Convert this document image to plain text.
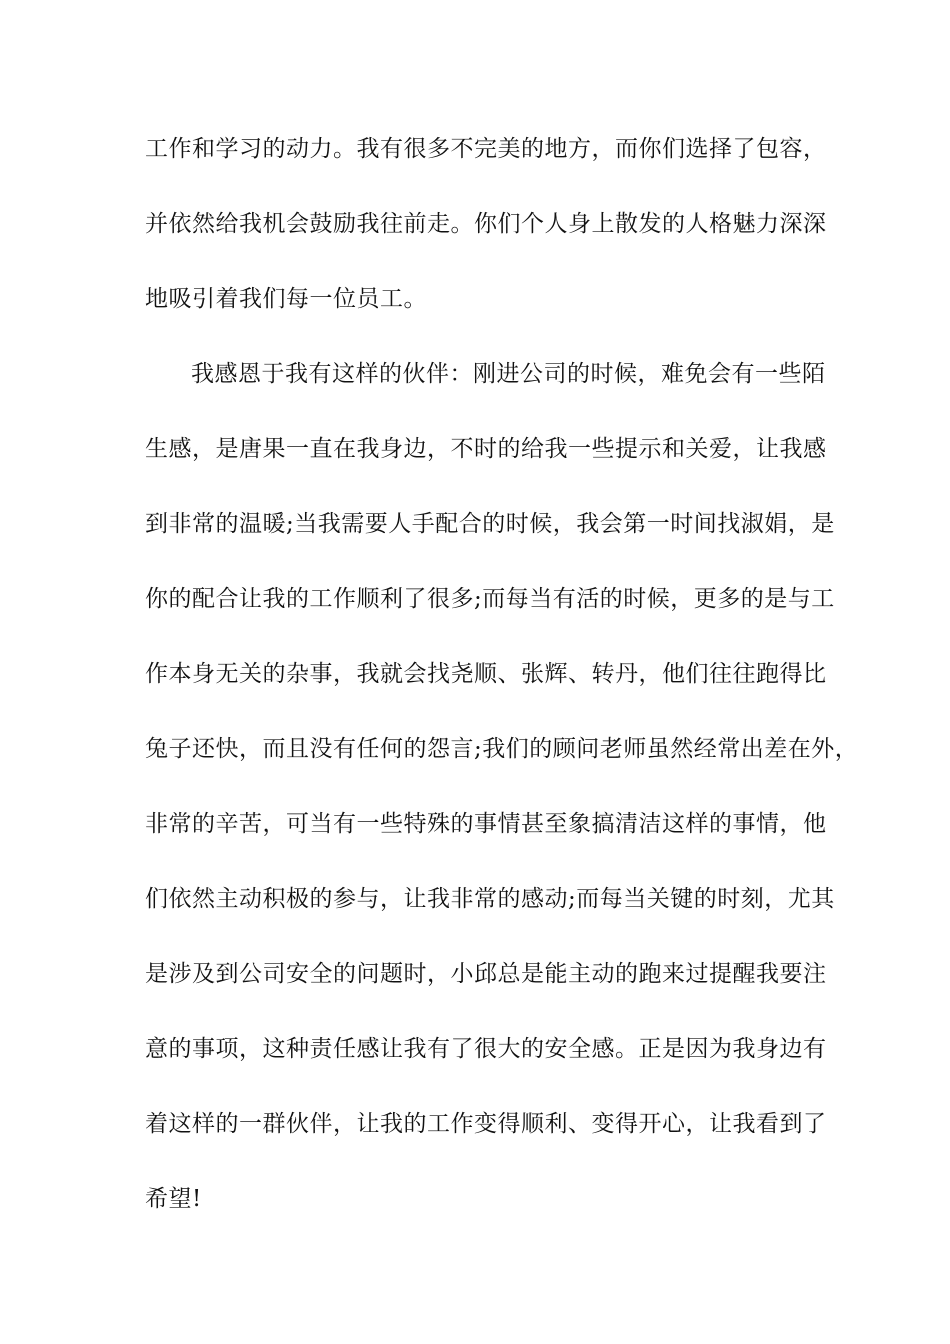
工作和学习的动力。我有很多不完美的地方，而你们选择了包容，
并依然给我机会鼓励我往前走。你们个人身上散发的人格魅力深深
地吸引着我们每一位员工。
我感恩于我有这样的伙伴：刚进公司的时候，难免会有一些陌
生感，是唐果一直在我身边，不时的给我一些提示和关爱，让我感
到非常的温暖;当我需要人手配合的时候，我会第一时间找淑娟，是
你的配合让我的工作顺利了很多;而每当有活的时候，更多的是与工
作本身无关的杂事，我就会找尧顺、张辉、转丹，他们往往跑得比
兔子还快，而且没有任何的怨言;我们的顾问老师虽然经常出差在外，
非常的辛苦，可当有一些特殊的事情甚至象搞清洁这样的事情，他
们依然主动积极的参与，让我非常的感动;而每当关键的时刻，尤其
是涉及到公司安全的问题时，小邱总是能主动的跑来过提醒我要注
意的事项，这种责任感让我有了很大的安全感。正是因为我身边有
着这样的一群伙伴，让我的工作变得顺利、变得开心，让我看到了
希望!
